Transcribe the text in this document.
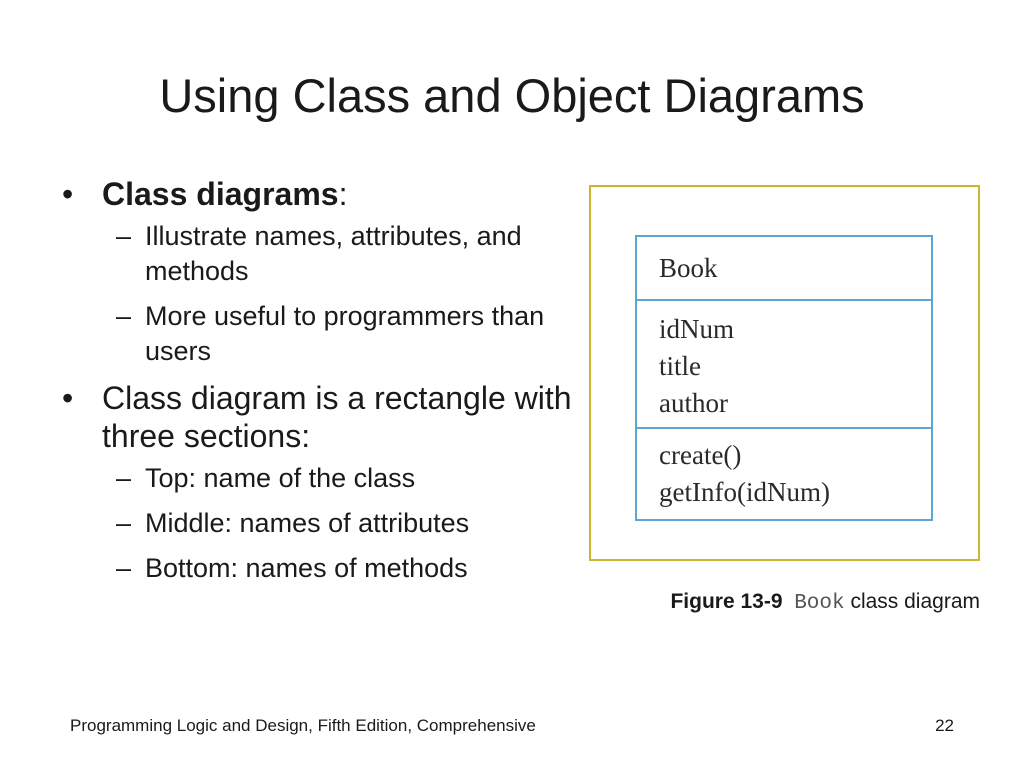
Using Class and Object Diagrams
• Class diagrams:
– Illustrate names, attributes, and methods
– More useful to programmers than users
• Class diagram is a rectangle with three sections:
– Top: name of the class
– Middle: names of attributes
– Bottom: names of methods
Book
idNum
title
author
create()
getInfo(idNum)
Figure 13-9 Book class diagram
Programming Logic and Design, Fifth Edition, Comprehensive	22
